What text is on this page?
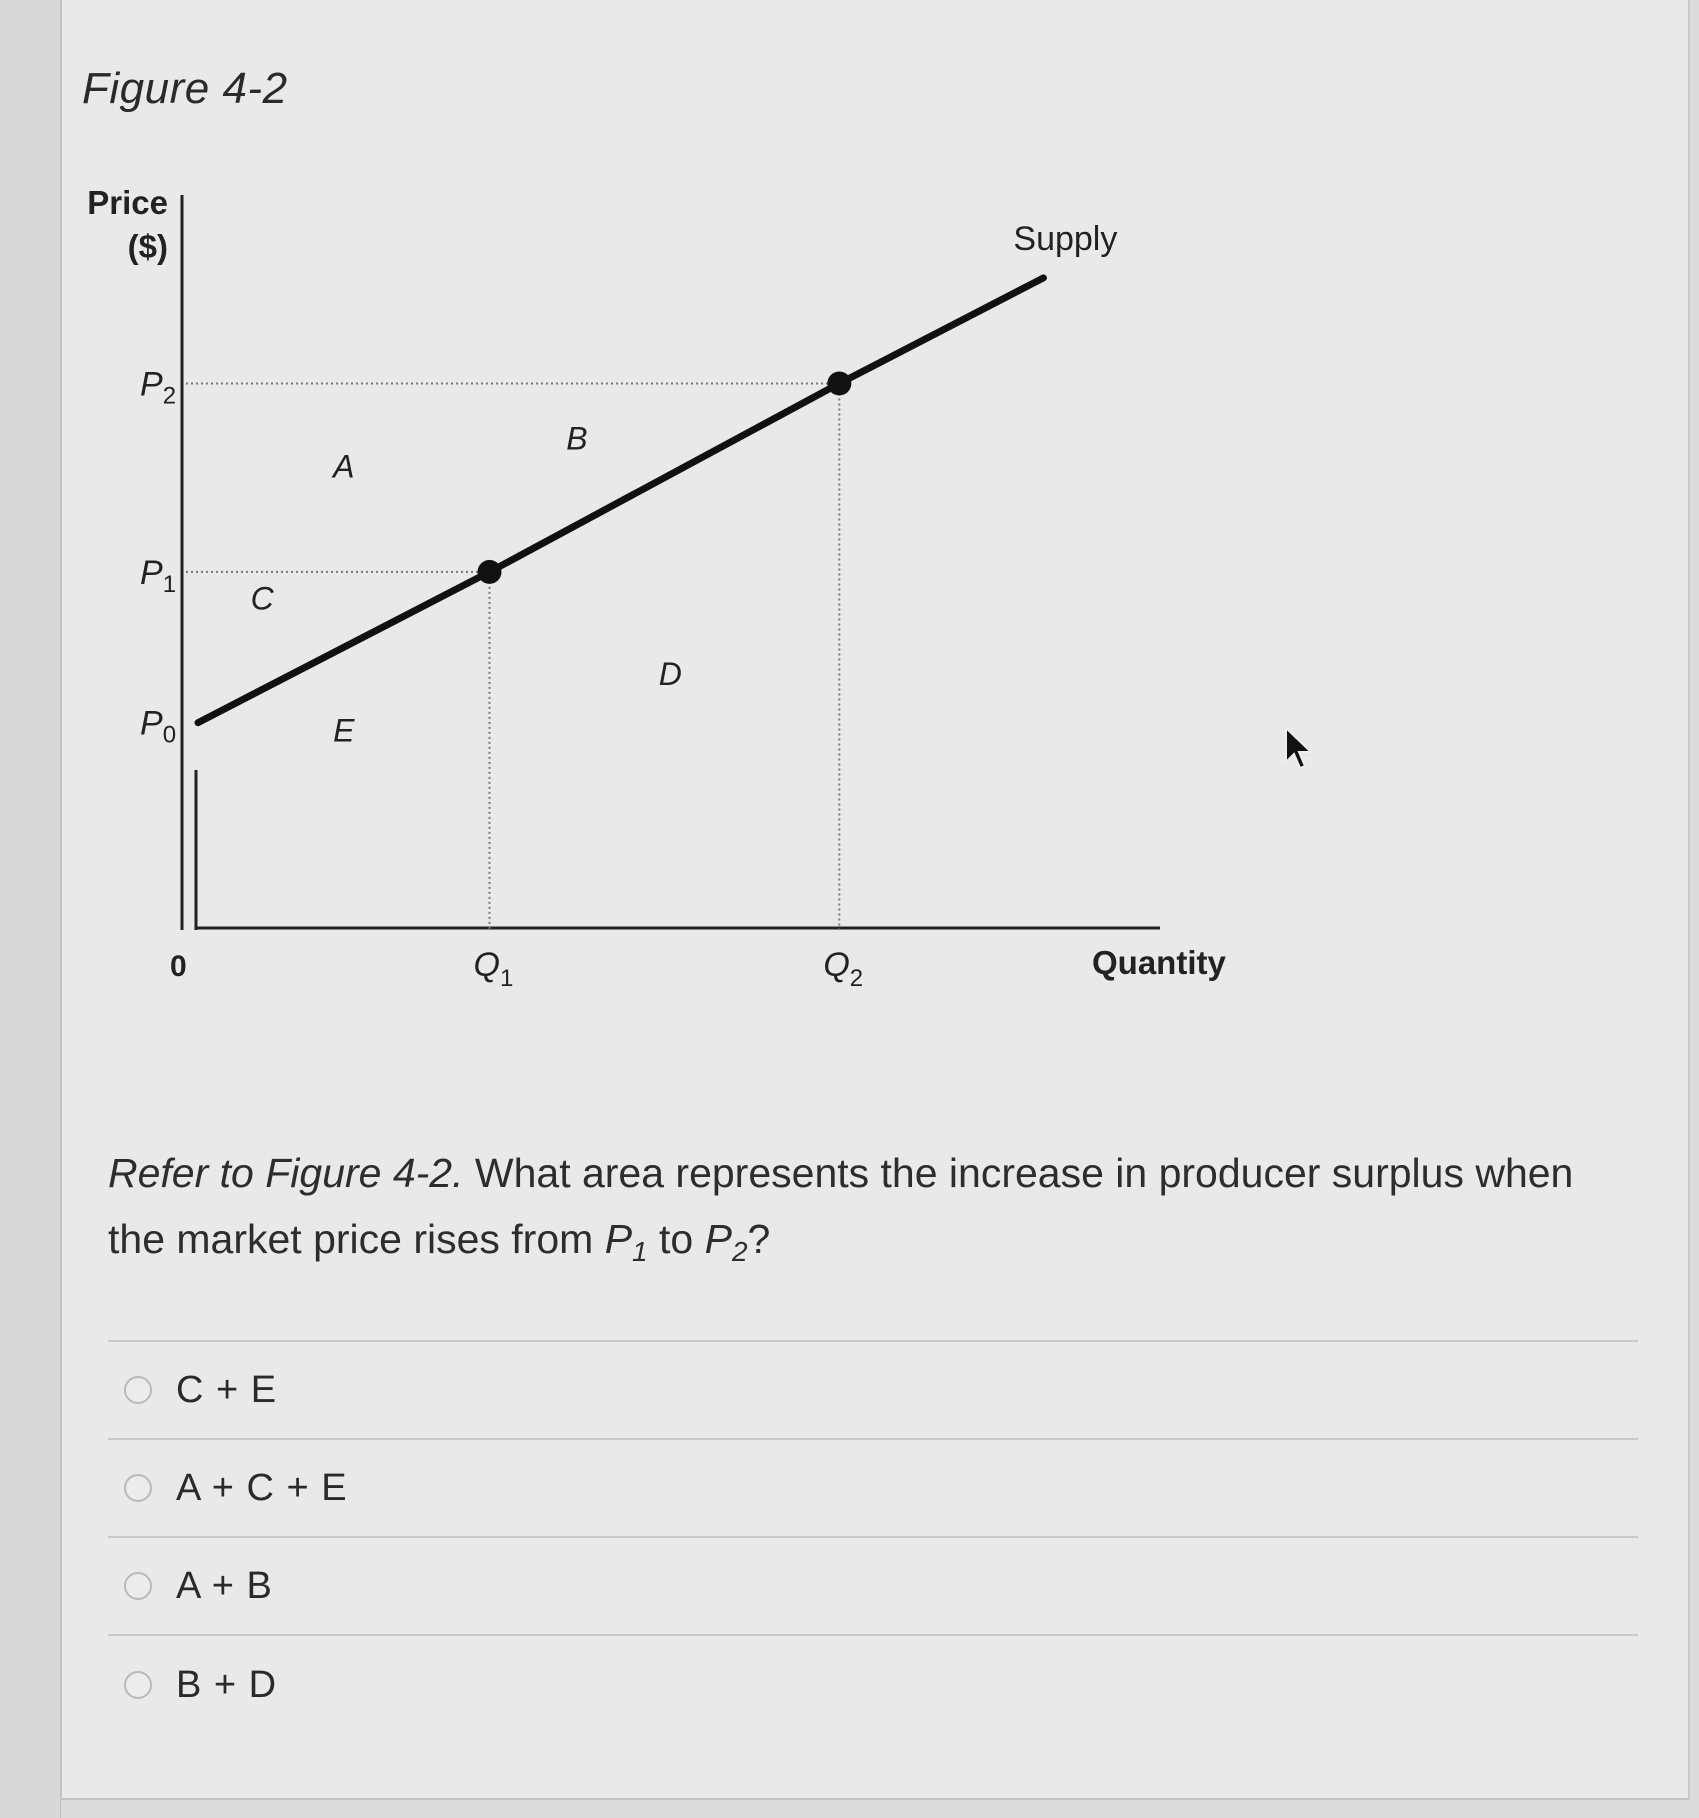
Figure 4-2
Price
($)
Quantity
0
$P_2$
$P_1$
$P_0$
$Q_1$	$Q_2$
A
B
C
D
E
Supply
Refer to Figure 4-2. What area represents the increase in producer surplus when the market price rises from $P_1$ to $P_2$?
C + E
A + C + E
A + B
B + D
